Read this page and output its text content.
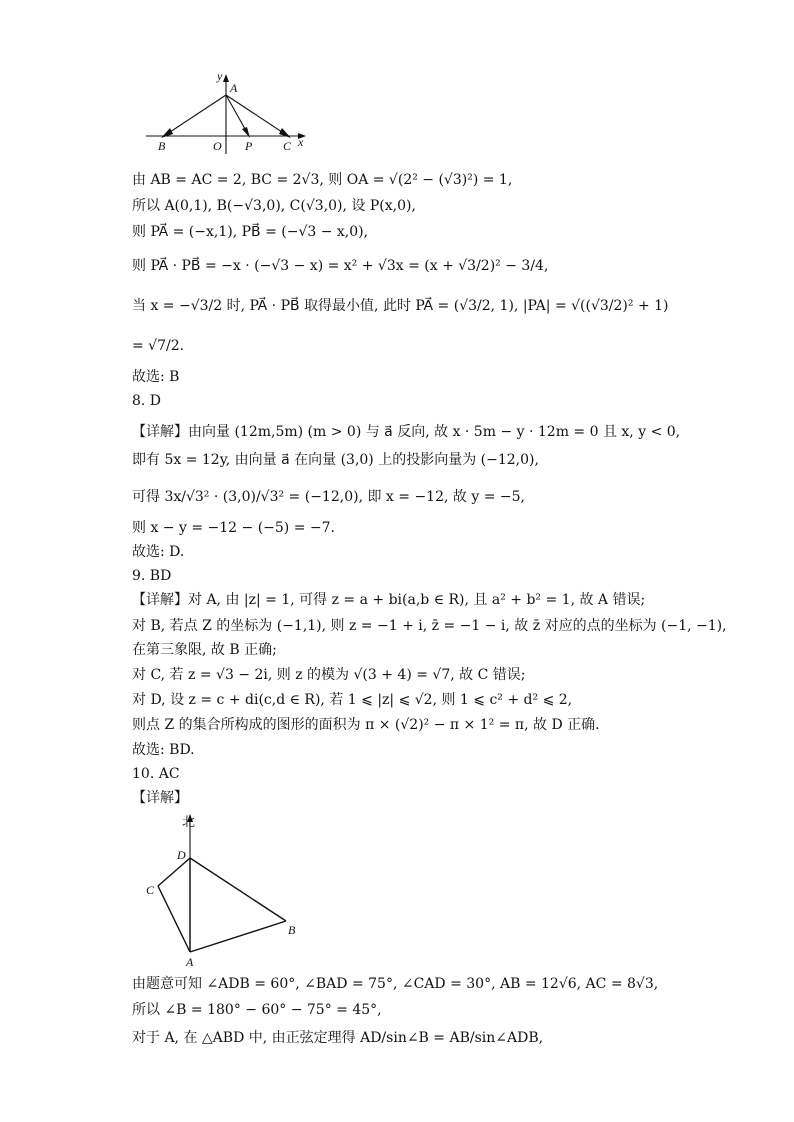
y
A
B	O P	C x
由 AB = AC = 2, BC = 2√3, 则 OA = √(2² − (√3)²) = 1,
所以 A(0,1), B(−√3,0), C(√3,0), 设 P(x,0),
则 PA⃗ = (−x,1), PB⃗ = (−√3 − x,0),
则 PA⃗ · PB⃗ = −x · (−√3 − x) = x² + √3x = (x + √3/2)² − 3/4,
当 x = −√3/2 时, PA⃗ · PB⃗ 取得最小值, 此时 PA⃗ = (√3/2, 1), |PA| = √((√3/2)² + 1)
= √7/2.
故选: B
8. D
【详解】由向量 (12m,5m) (m > 0) 与 a⃗ 反向, 故 x · 5m − y · 12m = 0 且 x, y < 0,
即有 5x = 12y, 由向量 a⃗ 在向量 (3,0) 上的投影向量为 (−12,0),
可得 3x/√3² · (3,0)/√3² = (−12,0), 即 x = −12, 故 y = −5,
则 x − y = −12 − (−5) = −7.
故选: D.
9. BD
【详解】对 A, 由 |z| = 1, 可得 z = a + bi(a,b ∈ R), 且 a² + b² = 1, 故 A 错误;
对 B, 若点 Z 的坐标为 (−1,1), 则 z = −1 + i, z̄ = −1 − i, 故 z̄ 对应的点的坐标为 (−1, −1),
在第三象限, 故 B 正确;
对 C, 若 z = √3 − 2i, 则 z 的模为 √(3 + 4) = √7, 故 C 错误;
对 D, 设 z = c + di(c,d ∈ R), 若 1 ⩽ |z| ⩽ √2, 则 1 ⩽ c² + d² ⩽ 2,
则点 Z 的集合所构成的图形的面积为 π × (√2)² − π × 1² = π, 故 D 正确.
故选: BD.
10. AC
【详解】
北
D
C
B
A
由题意可知 ∠ADB = 60°, ∠BAD = 75°, ∠CAD = 30°, AB = 12√6, AC = 8√3,
所以 ∠B = 180° − 60° − 75° = 45°,
对于 A, 在 △ABD 中, 由正弦定理得 AD/sin∠B = AB/sin∠ADB,
